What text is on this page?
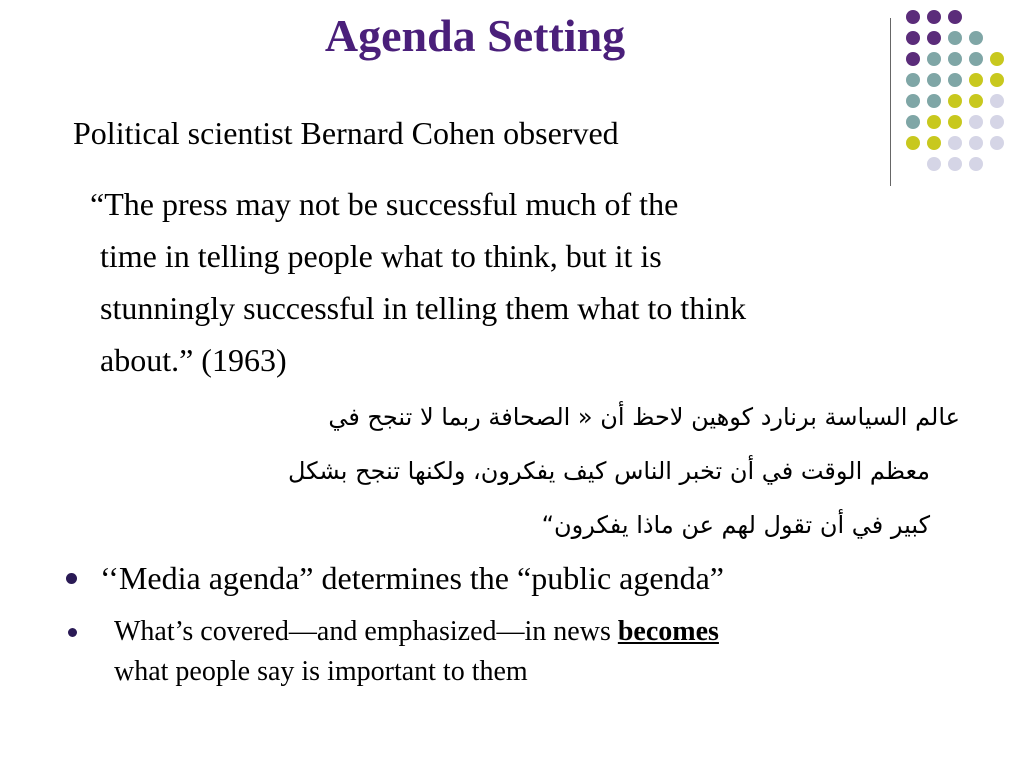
Agenda Setting
Political scientist Bernard Cohen observed
“The press may not be successful much of the
time in telling people what to think, but it is
stunningly successful in telling them what to think
about.” (1963)
عالم السياسة برنارد كوهين لاحظ أن « الصحافة ربما لا تنجح في
معظم الوقت في أن تخبر الناس كيف يفكرون، ولكنها تنجح بشكل
كبير في أن تقول لهم عن ماذا يفكرون“
‘‘Media agenda” determines the “public agenda”
What’s covered—and emphasized—in news becomes
what people say is important to them
